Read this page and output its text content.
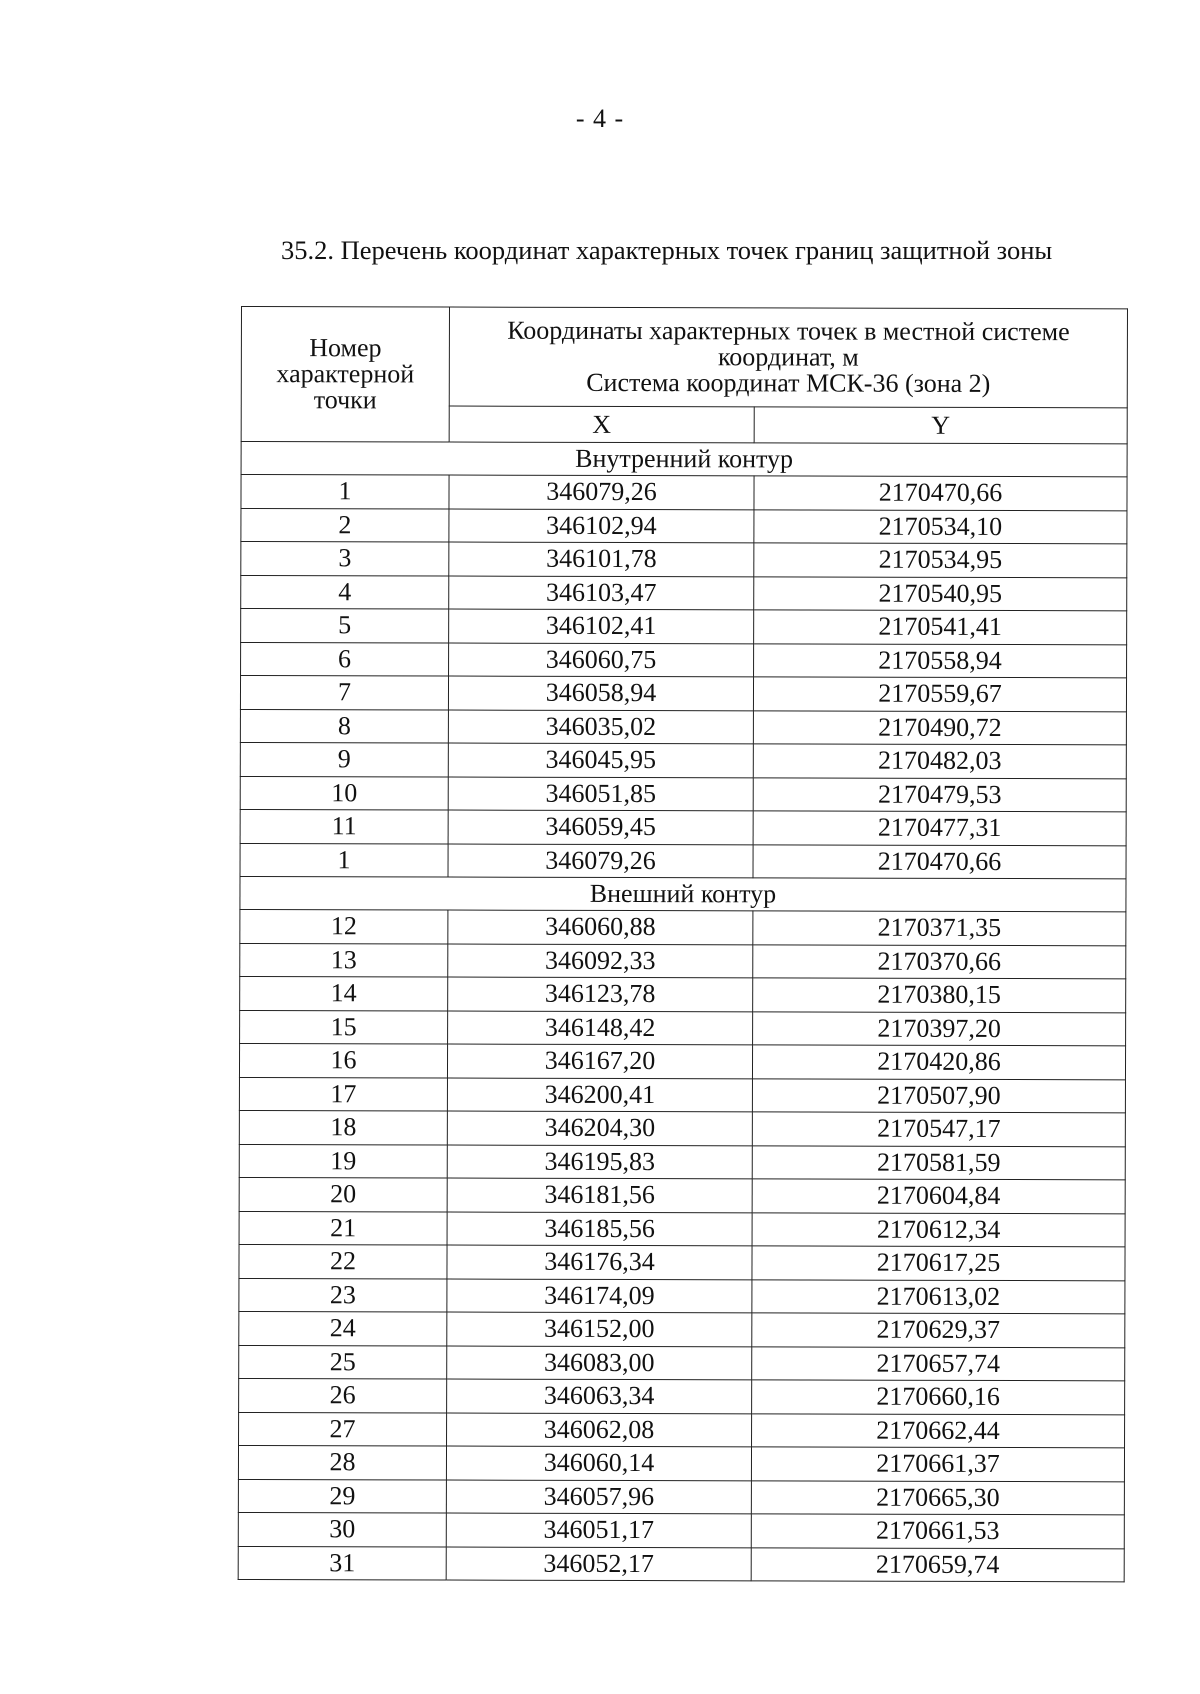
- 4 -
35.2. Перечень координат характерных точек границ защитной зоны
Номер
характерной
точки	Координаты характерных точек в местной системе
координат, м
Система координат МСК-36 (зона 2)	

	X	Y
Внутренний контур		
1	346079,26	2170470,66
2	346102,94	2170534,10
3	346101,78	2170534,95
4	346103,47	2170540,95
5	346102,41	2170541,41
6	346060,75	2170558,94
7	346058,94	2170559,67
8	346035,02	2170490,72
9	346045,95	2170482,03
10	346051,85	2170479,53
11	346059,45	2170477,31
1	346079,26	2170470,66
Внешний контур		
12	346060,88	2170371,35
13	346092,33	2170370,66
14	346123,78	2170380,15
15	346148,42	2170397,20
16	346167,20	2170420,86
17	346200,41	2170507,90
18	346204,30	2170547,17
19	346195,83	2170581,59
20	346181,56	2170604,84
21	346185,56	2170612,34
22	346176,34	2170617,25
23	346174,09	2170613,02
24	346152,00	2170629,37
25	346083,00	2170657,74
26	346063,34	2170660,16
27	346062,08	2170662,44
28	346060,14	2170661,37
29	346057,96	2170665,30
30	346051,17	2170661,53
31	346052,17	2170659,74
